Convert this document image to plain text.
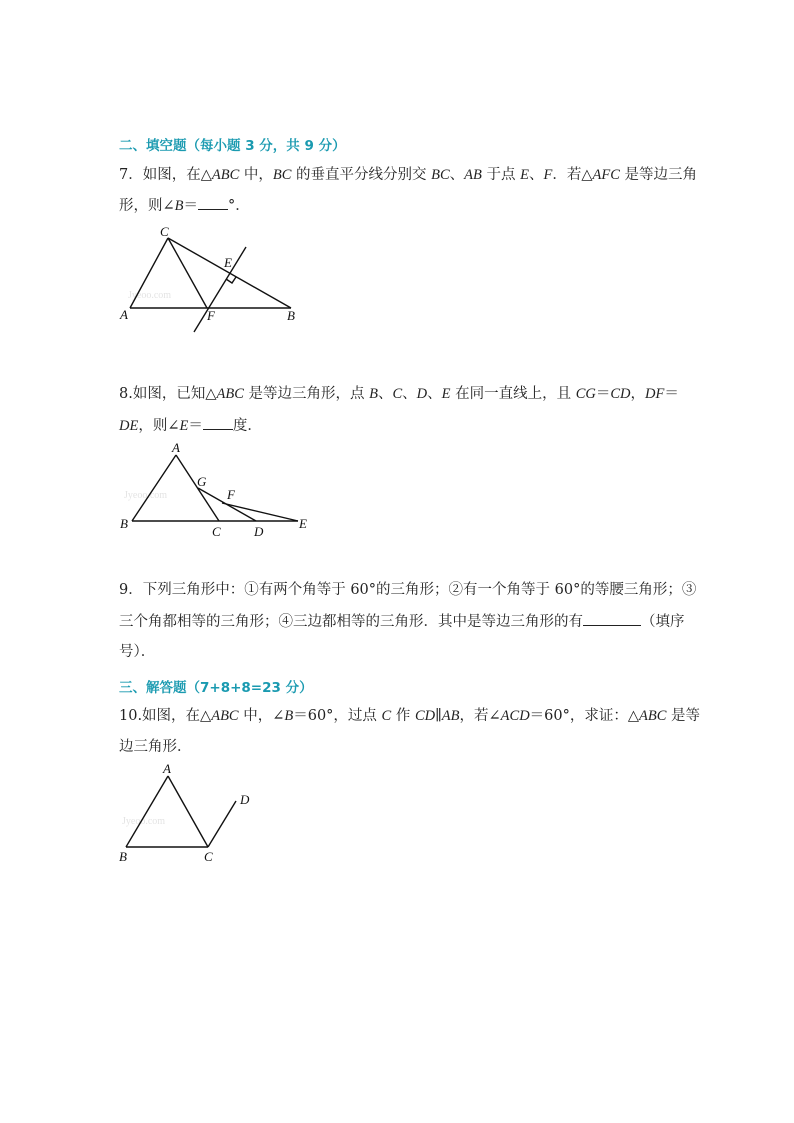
二、填空题（每小题 3 分，共 9 分）
7．如图，在△ABC 中，BC 的垂直平分线分别交 BC、AB 于点 E、F．若△AFC 是等边三角
形，则∠B＝ °．
Jyeoo.com
C
E
A	F	B
8.如图，已知△ABC 是等边三角形，点 B、C、D、E 在同一直线上，且 CG＝CD，DF＝
DE，则∠E＝ 度．
Jyeoo.com
A
G
F
B
C	D
E
9．下列三角形中：①有两个角等于 60°的三角形；②有一个角等于 60°的等腰三角形；③
三个角都相等的三角形；④三边都相等的三角形．其中是等边三角形的有	（填序
号）．
三、解答题（7+8+8=23 分）
10.如图，在△ABC 中，∠B＝60°，过点 C 作 CD∥AB，若∠ACD＝60°，求证：△ABC 是等
边三角形．
Jyeoo.com
A
D
B	C
